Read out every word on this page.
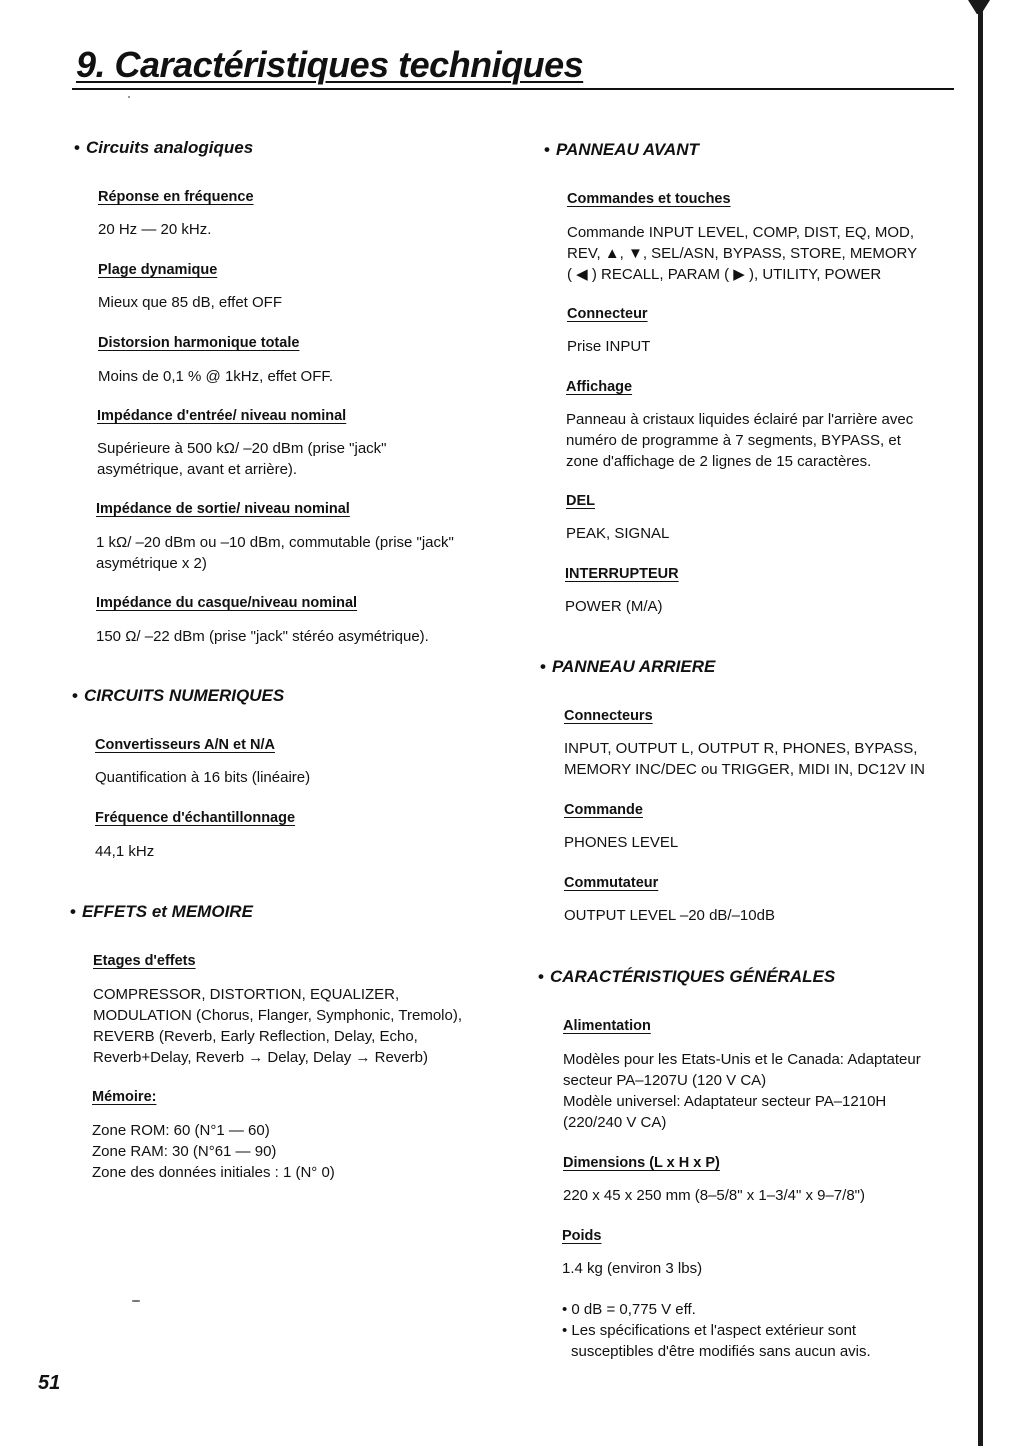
9. Caractéristiques techniques
• Circuits analogiques
Réponse en fréquence
20 Hz — 20 kHz.
Plage dynamique
Mieux que 85 dB, effet OFF
Distorsion harmonique totale
Moins de 0,1 % @ 1kHz, effet OFF.
Impédance d'entrée/ niveau nominal
Supérieure à 500 kΩ/ –20 dBm (prise "jack"
asymétrique, avant et arrière).
Impédance de sortie/ niveau nominal
1 kΩ/ –20 dBm ou –10 dBm, commutable (prise "jack"
asymétrique x 2)
Impédance du casque/niveau nominal
150 Ω/ –22 dBm (prise "jack" stéréo asymétrique).
• CIRCUITS NUMERIQUES
Convertisseurs A/N et N/A
Quantification à 16 bits (linéaire)
Fréquence d'échantillonnage
44,1 kHz
• EFFETS et MEMOIRE
Etages d'effets
COMPRESSOR, DISTORTION, EQUALIZER,
MODULATION (Chorus, Flanger, Symphonic, Tremolo),
REVERB (Reverb, Early Reflection, Delay, Echo,
Reverb+Delay, Reverb → Delay, Delay → Reverb)
Mémoire:
Zone ROM: 60 (N°1 — 60)
Zone RAM: 30 (N°61 — 90)
Zone des données initiales : 1 (N° 0)
• PANNEAU AVANT
Commandes et touches
Commande INPUT LEVEL, COMP, DIST, EQ, MOD,
REV, ▲, ▼, SEL/ASN, BYPASS, STORE, MEMORY
( ◀ ) RECALL, PARAM ( ▶ ), UTILITY, POWER
Connecteur
Prise INPUT
Affichage
Panneau à cristaux liquides éclairé par l'arrière avec
numéro de programme à 7 segments, BYPASS, et
zone d'affichage de 2 lignes de 15 caractères.
DEL
PEAK, SIGNAL
INTERRUPTEUR
POWER (M/A)
• PANNEAU ARRIERE
Connecteurs
INPUT, OUTPUT L, OUTPUT R, PHONES, BYPASS,
MEMORY INC/DEC ou TRIGGER, MIDI IN, DC12V IN
Commande
PHONES LEVEL
Commutateur
OUTPUT LEVEL –20 dB/–10dB
• CARACTÉRISTIQUES GÉNÉRALES
Alimentation
Modèles pour les Etats-Unis et le Canada: Adaptateur
secteur PA–1207U (120 V CA)
Modèle universel: Adaptateur secteur PA–1210H
(220/240 V CA)
Dimensions (L x H x P)
220 x 45 x 250 mm (8–5/8" x 1–3/4" x 9–7/8")
Poids
1.4 kg (environ 3 lbs)
• 0 dB = 0,775 V eff.
• Les spécifications et l'aspect extérieur sont
susceptibles d'être modifiés sans aucun avis.
51
